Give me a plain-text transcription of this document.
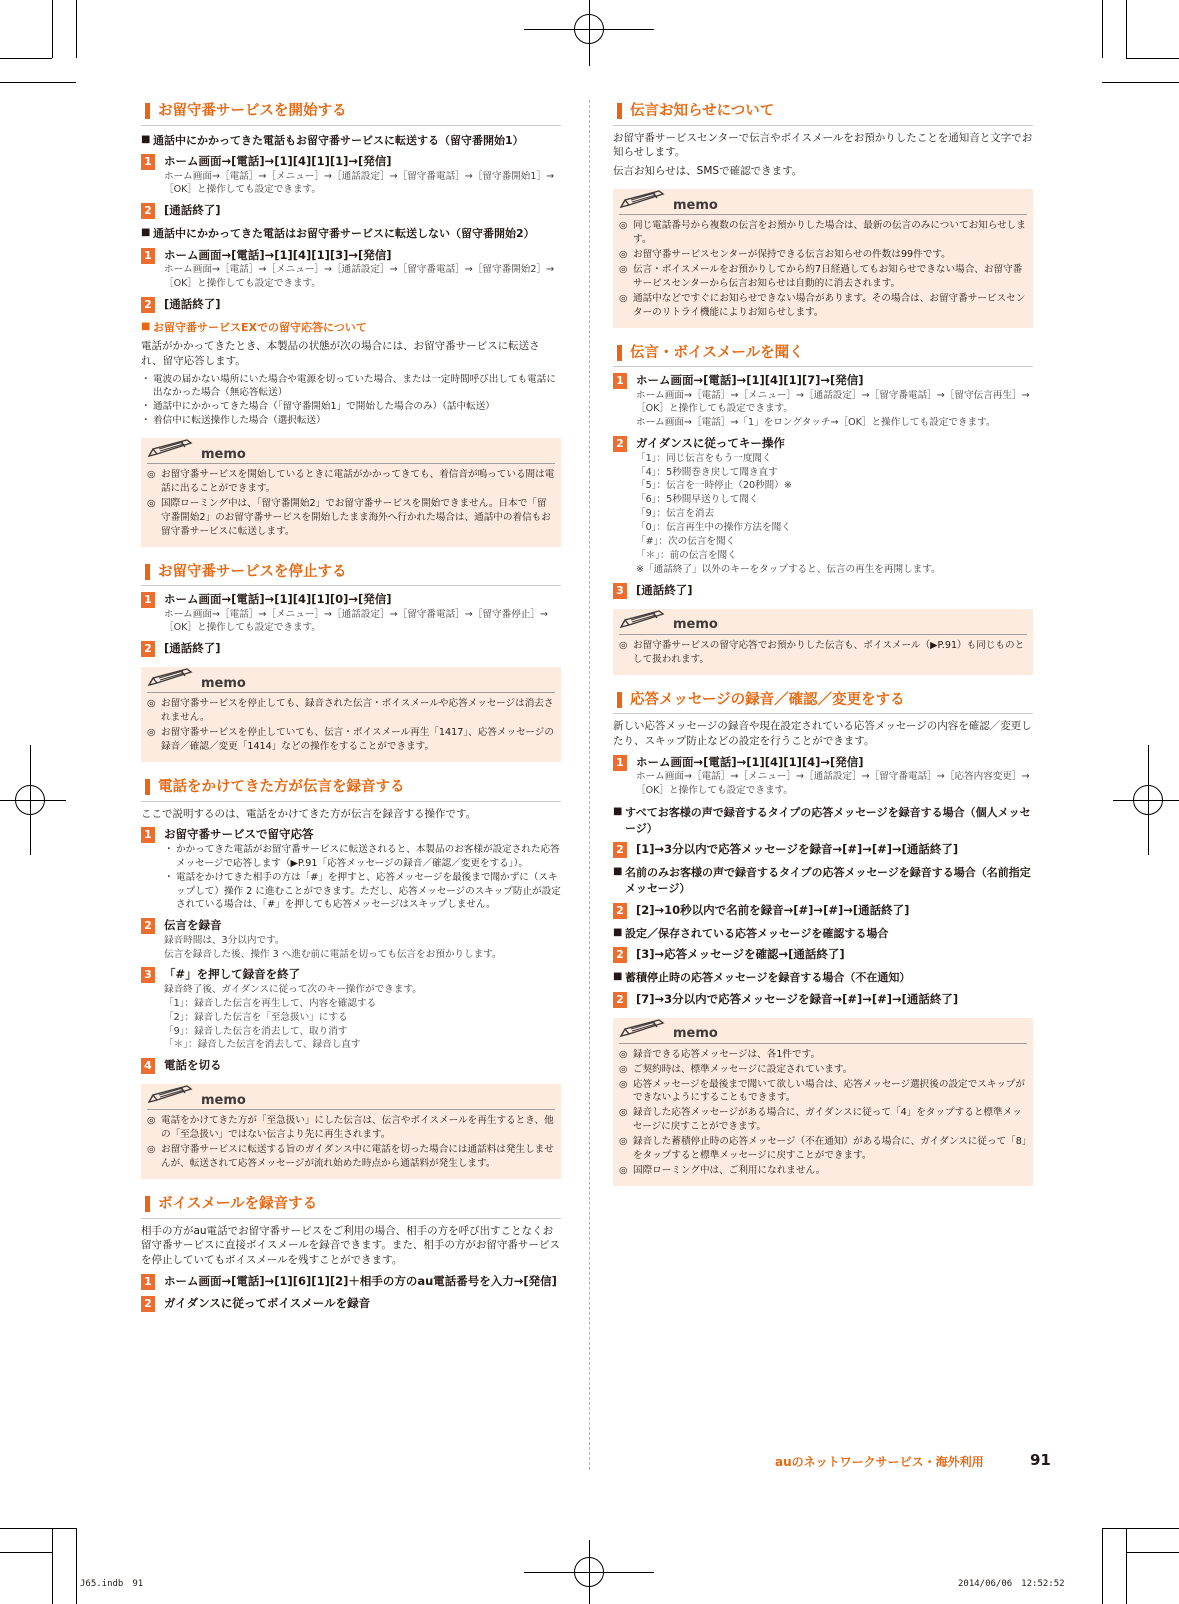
お留守番サービスを開始する
■ 通話中にかかってきた電話もお留守番サービスに転送する（留守番開始1）
1 ホーム画面→[電話]→[1][4][1][1]→[発信]
ホーム画面→［電話］→［メニュー］→［通話設定］→［留守番電話］→［留守番開始1］→［OK］と操作しても設定できます。
2 [通話終了]
■ 通話中にかかってきた電話はお留守番サービスに転送しない（留守番開始2）
1 ホーム画面→[電話]→[1][4][1][3]→[発信]
ホーム画面→［電話］→［メニュー］→［通話設定］→［留守番電話］→［留守番開始2］→［OK］と操作しても設定できます。
2 [通話終了]
■ お留守番サービスEXでの留守応答について
電話がかかってきたとき、本製品の状態が次の場合には、お留守番サービスに転送され、留守応答します。
・ 電波の届かない場所にいた場合や電源を切っていた場合、または一定時間呼び出しても電話に出なかった場合（無応答転送）
・ 通話中にかかってきた場合（「留守番開始1」で開始した場合のみ）（話中転送）
・ 着信中に転送操作した場合（選択転送）
memo
◎ お留守番サービスを開始しているときに電話がかかってきても、着信音が鳴っている間は電話に出ることができます。
◎ 国際ローミング中は、「留守番開始2」でお留守番サービスを開始できません。日本で「留守番開始2」のお留守番サービスを開始したまま海外へ行かれた場合は、通話中の着信もお留守番サービスに転送します。
お留守番サービスを停止する
1 ホーム画面→[電話]→[1][4][1][0]→[発信]
ホーム画面→［電話］→［メニュー］→［通話設定］→［留守番電話］→［留守番停止］→［OK］と操作しても設定できます。
2 [通話終了]
memo
◎ お留守番サービスを停止しても、録音された伝言・ボイスメールや応答メッセージは消去されません。
◎ お留守番サービスを停止していても、伝言・ボイスメール再生「1417」、応答メッセージの録音／確認／変更「1414」などの操作をすることができます。
電話をかけてきた方が伝言を録音する
ここで説明するのは、電話をかけてきた方が伝言を録音する操作です。
1 お留守番サービスで留守応答
・ かかってきた電話がお留守番サービスに転送されると、本製品のお客様が設定された応答メッセージで応答します（▶P.91「応答メッセージの録音／確認／変更をする」）。
・ 電話をかけてきた相手の方は「#」を押すと、応答メッセージを最後まで聞かずに（スキップして）操作 2 に進むことができます。ただし、応答メッセージのスキップ防止が設定されている場合は、「#」を押しても応答メッセージはスキップしません。
2 伝言を録音
録音時間は、3分以内です。
伝言を録音した後、操作 3 へ進む前に電話を切っても伝言をお預かりします。
3 「#」を押して録音を終了
録音終了後、ガイダンスに従って次のキー操作ができます。
「1」：録音した伝言を再生して、内容を確認する
「2」：録音した伝言を「至急扱い」にする
「9」：録音した伝言を消去して、取り消す
「＊」：録音した伝言を消去して、録音し直す
4 電話を切る
memo
◎ 電話をかけてきた方が「至急扱い」にした伝言は、伝言やボイスメールを再生するとき、他の「至急扱い」ではない伝言より先に再生されます。
◎ お留守番サービスに転送する旨のガイダンス中に電話を切った場合には通話料は発生しませんが、転送されて応答メッセージが流れ始めた時点から通話料が発生します。
ボイスメールを録音する
相手の方がau電話でお留守番サービスをご利用の場合、相手の方を呼び出すことなくお留守番サービスに直接ボイスメールを録音できます。また、相手の方がお留守番サービスを停止していてもボイスメールを残すことができます。
1 ホーム画面→[電話]→[1][6][1][2]＋相手の方のau電話番号を入力→[発信]
2 ガイダンスに従ってボイスメールを録音
伝言お知らせについて
お留守番サービスセンターで伝言やボイスメールをお預かりしたことを通知音と文字でお知らせします。
伝言お知らせは、SMSで確認できます。
memo
◎ 同じ電話番号から複数の伝言をお預かりした場合は、最新の伝言のみについてお知らせします。
◎ お留守番サービスセンターが保持できる伝言お知らせの件数は99件です。
◎ 伝言・ボイスメールをお預かりしてから約7日経過してもお知らせできない場合、お留守番サービスセンターから伝言お知らせは自動的に消去されます。
◎ 通話中などですぐにお知らせできない場合があります。その場合は、お留守番サービスセンターのリトライ機能によりお知らせします。
伝言・ボイスメールを聞く
1 ホーム画面→[電話]→[1][4][1][7]→[発信]
ホーム画面→［電話］→［メニュー］→［通話設定］→［留守番電話］→［留守伝言再生］→［OK］と操作しても設定できます。
ホーム画面→［電話］→「1」をロングタッチ→［OK］と操作しても設定できます。
2 ガイダンスに従ってキー操作
「1」：同じ伝言をもう一度聞く
「4」：5秒間巻き戻して聞き直す
「5」：伝言を一時停止（20秒間）※
「6」：5秒間早送りして聞く
「9」：伝言を消去
「0」：伝言再生中の操作方法を聞く
「#」：次の伝言を聞く
「＊」：前の伝言を聞く
※「通話終了」以外のキーをタップすると、伝言の再生を再開します。
3 [通話終了]
memo
◎ お留守番サービスの留守応答でお預かりした伝言も、ボイスメール（▶P.91）も同じものとして扱われます。
応答メッセージの録音／確認／変更をする
新しい応答メッセージの録音や現在設定されている応答メッセージの内容を確認／変更したり、スキップ防止などの設定を行うことができます。
1 ホーム画面→[電話]→[1][4][1][4]→[発信]
ホーム画面→［電話］→［メニュー］→［通話設定］→［留守番電話］→［応答内容変更］→［OK］と操作しても設定できます。
■ すべてお客様の声で録音するタイプの応答メッセージを録音する場合（個人メッセージ）
2 [1]→3分以内で応答メッセージを録音→[#]→[#]→[通話終了]
■ 名前のみお客様の声で録音するタイプの応答メッセージを録音する場合（名前指定メッセージ）
2 [2]→10秒以内で名前を録音→[#]→[#]→[通話終了]
■ 設定／保存されている応答メッセージを確認する場合
2 [3]→応答メッセージを確認→[通話終了]
■ 蓄積停止時の応答メッセージを録音する場合（不在通知）
2 [7]→3分以内で応答メッセージを録音→[#]→[#]→[通話終了]
memo
◎ 録音できる応答メッセージは、各1件です。
◎ ご契約時は、標準メッセージに設定されています。
◎ 応答メッセージを最後まで聞いて欲しい場合は、応答メッセージ選択後の設定でスキップができないようにすることもできます。
◎ 録音した応答メッセージがある場合に、ガイダンスに従って「4」をタップすると標準メッセージに戻すことができます。
◎ 録音した蓄積停止時の応答メッセージ（不在通知）がある場合に、ガイダンスに従って「8」をタップすると標準メッセージに戻すことができます。
◎ 国際ローミング中は、ご利用になれません。
auのネットワークサービス・海外利用	91
J65.indb　91	2014/06/06　12:52:52
